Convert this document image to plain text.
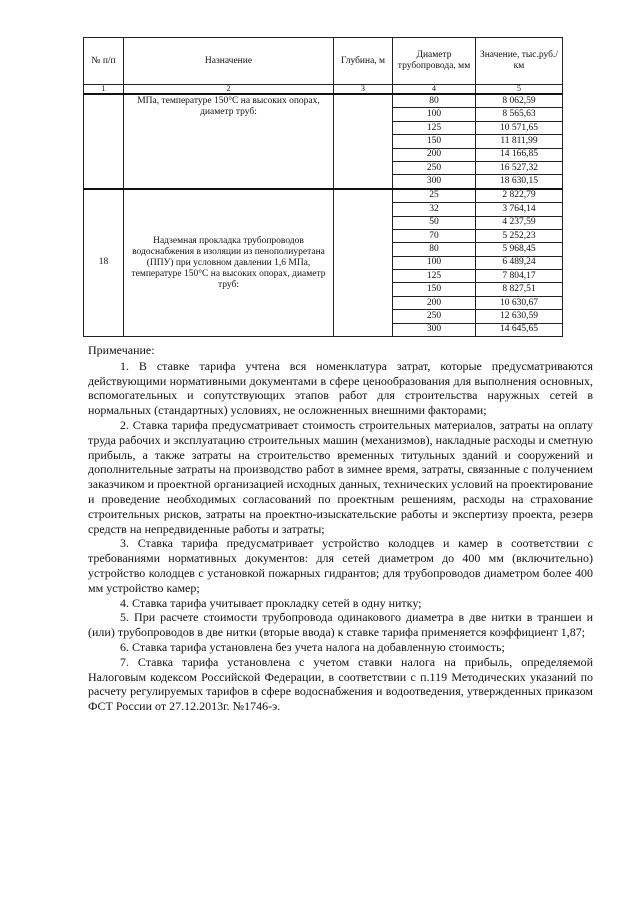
№ п/п	Назначение	Глубина, м	Диаметр трубопровода, мм	Значение, тыс.руб./км
1	2	3	4	5
	МПа, температуре 150°С на высоких опорах, диаметр труб:		80	8 062,59
			100	8 565,63
			125	10 571,65
			150	11 811,99
			200	14 166,85
			250	16 527,32
			300	18 630,15
18	Надземная прокладка трубопроводов водоснабжения в изоляции из пенополиуретана (ППУ) при условном давлении 1,6 МПа, температуре 150°С на высоких опорах, диаметр труб:		25	2 822,79
			32	3 764,14
			50	4 237,59
			70	5 252,23
			80	5 968,45
			100	6 489,24
			125	7 804,17
			150	8 827,51
			200	10 630,67
			250	12 630,59
			300	14 645,65

Примечание:

1. В ставке тарифа учтена вся номенклатура затрат, которые предусматриваются действующими нормативными документами в сфере ценообразования для выполнения основных, вспомогательных и сопутствующих этапов работ для строительства наружных сетей в нормальных (стандартных) условиях, не осложненных внешними факторами;

2. Ставка тарифа предусматривает стоимость строительных материалов, затраты на оплату труда рабочих и эксплуатацию строительных машин (механизмов), накладные расходы и сметную прибыль, а также затраты на строительство временных титульных зданий и сооружений и дополнительные затраты на производство работ в зимнее время, затраты, связанные с получением заказчиком и проектной организацией исходных данных, технических условий на проектирование и проведение необходимых согласований по проектным решениям, расходы на страхование строительных рисков, затраты на проектно-изыскательские работы и экспертизу проекта, резерв средств на непредвиденные работы и затраты;

3. Ставка тарифа предусматривает устройство колодцев и камер в соответствии с требованиями нормативных документов: для сетей диаметром до 400 мм (включительно) устройство колодцев с установкой пожарных гидрантов; для трубопроводов диаметром более 400 мм устройство камер;

4. Ставка тарифа учитывает прокладку сетей в одну нитку;

5. При расчете стоимости трубопровода одинакового диаметра в две нитки в траншеи и (или) трубопроводов в две нитки (вторые ввода) к ставке тарифа применяется коэффициент 1,87;

6. Ставка тарифа установлена без учета налога на добавленную стоимость;

7. Ставка тарифа установлена с учетом ставки налога на прибыль, определяемой Налоговым кодексом Российской Федерации, в соответствии с п.119 Методических указаний по расчету регулируемых тарифов в сфере водоснабжения и водоотведения, утвержденных приказом ФСТ России от 27.12.2013г. №1746-э.
